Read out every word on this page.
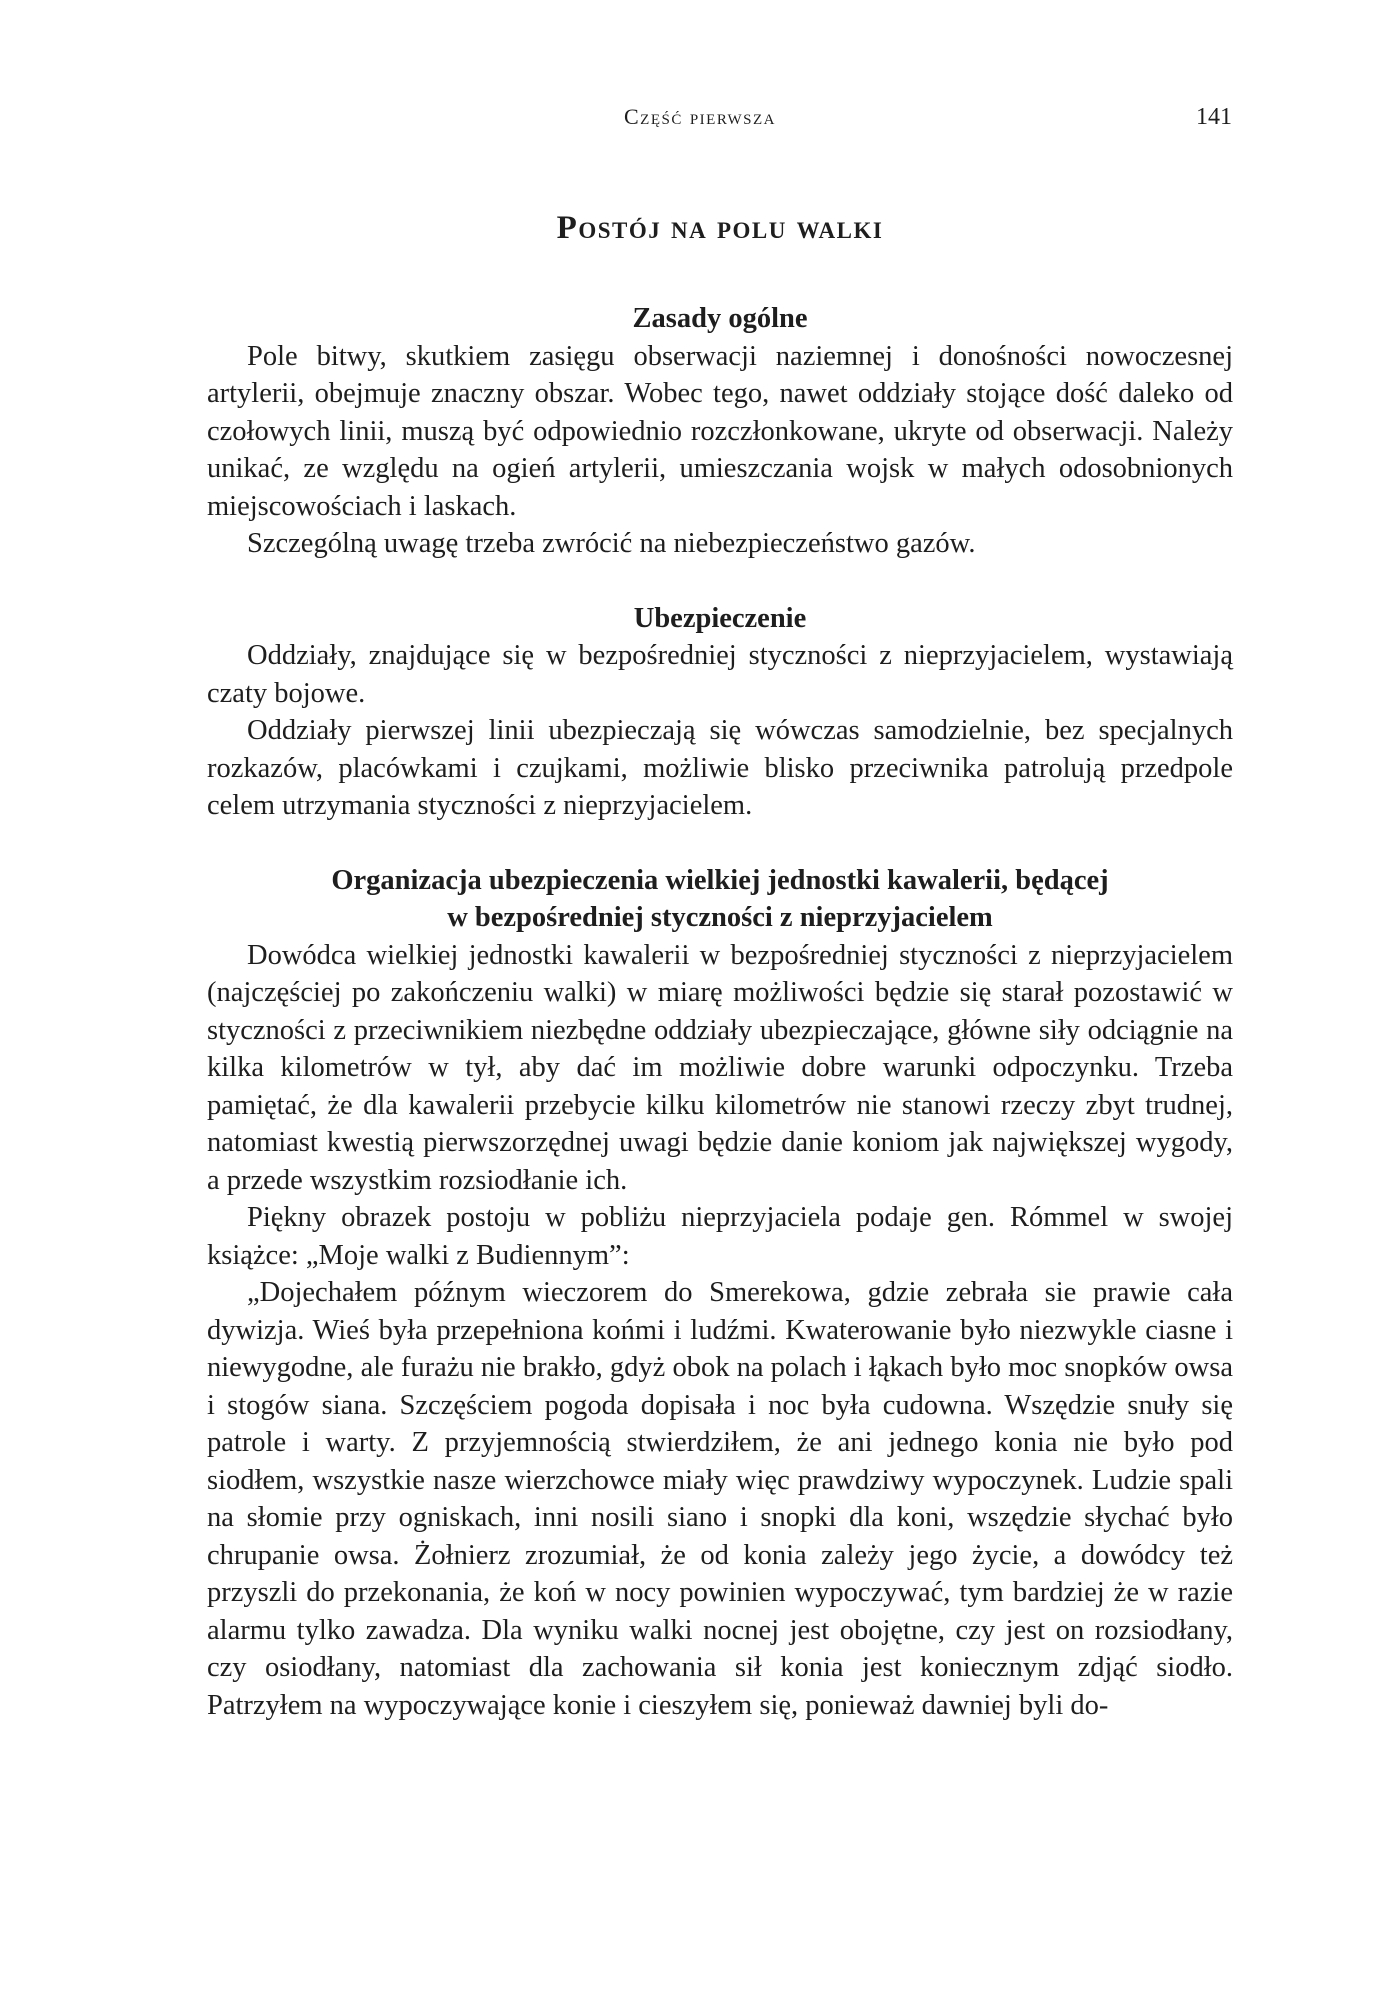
Część pierwsza	141
Postój na polu walki
Zasady ogólne

Pole bitwy, skutkiem zasięgu obserwacji naziemnej i donośności nowoczesnej artylerii, obejmuje znaczny obszar. Wobec tego, nawet oddziały stojące dość daleko od czołowych linii, muszą być odpowiednio rozczłonkowane, ukryte od obserwacji. Należy unikać, ze względu na ogień artylerii, umieszczania wojsk w małych odosobnionych miejscowościach i laskach.

Szczególną uwagę trzeba zwrócić na niebezpieczeństwo gazów.

Ubezpieczenie

Oddziały, znajdujące się w bezpośredniej styczności z nieprzyjacielem, wystawiają czaty bojowe.

Oddziały pierwszej linii ubezpieczają się wówczas samodzielnie, bez specjalnych rozkazów, placówkami i czujkami, możliwie blisko przeciwnika patrolują przedpole celem utrzymania styczności z nieprzyjacielem.

Organizacja ubezpieczenia wielkiej jednostki kawalerii, będącej
w bezpośredniej styczności z nieprzyjacielem

Dowódca wielkiej jednostki kawalerii w bezpośredniej styczności z nieprzyjacielem (najczęściej po zakończeniu walki) w miarę możliwości będzie się starał pozostawić w styczności z przeciwnikiem niezbędne oddziały ubezpieczające, główne siły odciągnie na kilka kilometrów w tył, aby dać im możliwie dobre warunki odpoczynku. Trzeba pamiętać, że dla kawalerii przebycie kilku kilometrów nie stanowi rzeczy zbyt trudnej, natomiast kwestią pierwszorzędnej uwagi będzie danie koniom jak największej wygody, a przede wszystkim rozsiodłanie ich.

Piękny obrazek postoju w pobliżu nieprzyjaciela podaje gen. Rómmel w swojej książce: „Moje walki z Budiennym”:

„Dojechałem późnym wieczorem do Smerekowa, gdzie zebrała sie prawie cała dywizja. Wieś była przepełniona końmi i ludźmi. Kwaterowanie było niezwykle ciasne i niewygodne, ale furażu nie brakło, gdyż obok na polach i łąkach było moc snopków owsa i stogów siana. Szczęściem pogoda dopisała i noc była cudowna. Wszędzie snuły się patrole i warty. Z przyjemnością stwierdziłem, że ani jednego konia nie było pod siodłem, wszystkie nasze wierzchowce miały więc prawdziwy wypoczynek. Ludzie spali na słomie przy ogniskach, inni nosili siano i snopki dla koni, wszędzie słychać było chrupanie owsa. Żołnierz zrozumiał, że od konia zależy jego życie, a dowódcy też przyszli do przekonania, że koń w nocy powinien wypoczywać, tym bardziej że w razie alarmu tylko zawadza. Dla wyniku walki nocnej jest obojętne, czy jest on rozsiodłany, czy osiodłany, natomiast dla zachowania sił konia jest koniecznym zdjąć siodło. Patrzyłem na wypoczywające konie i cieszyłem się, ponieważ dawniej byli do-
